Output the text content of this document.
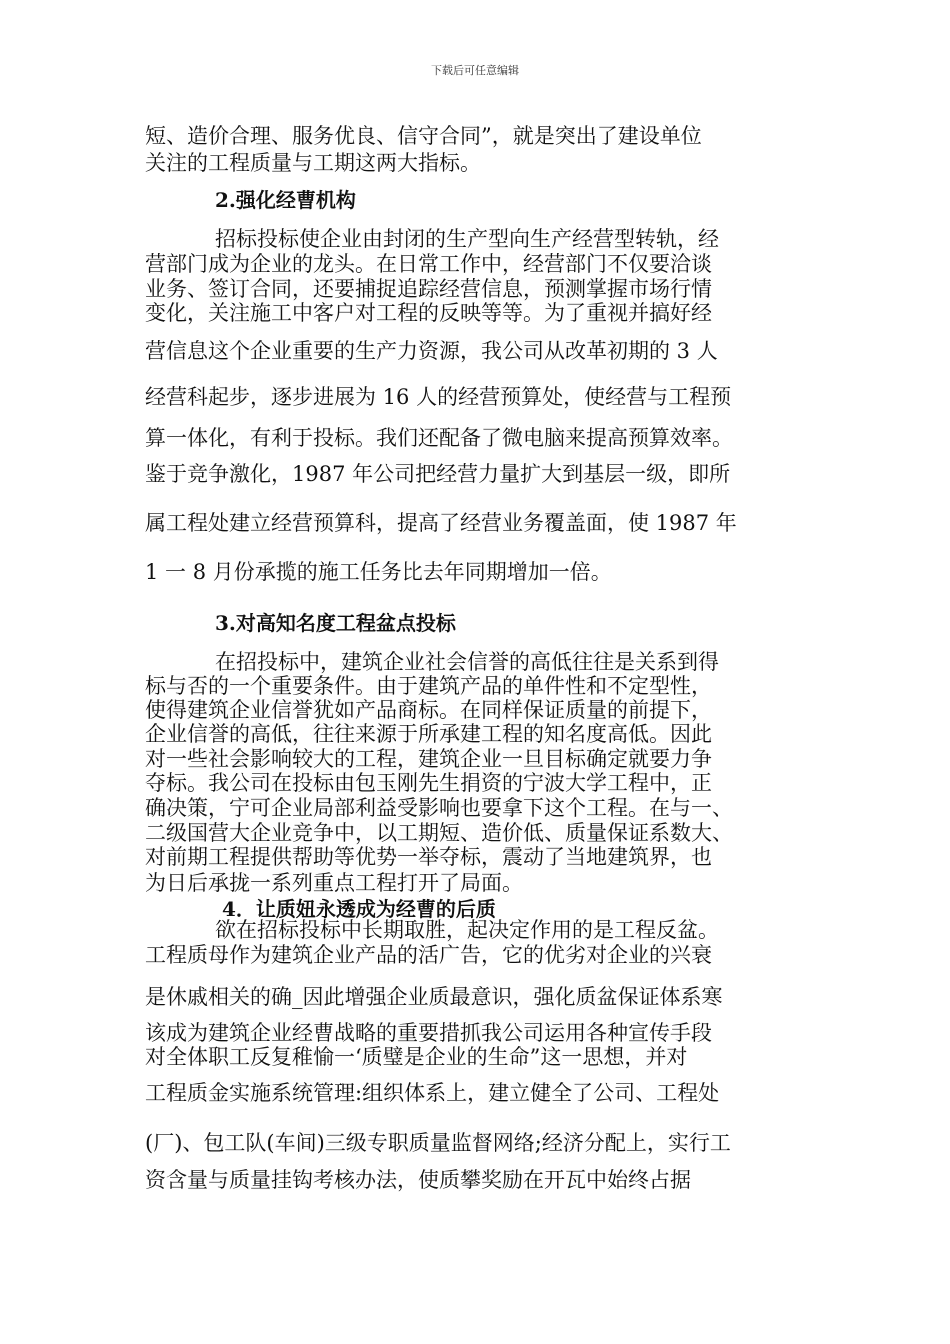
下载后可任意编辑
短、造价合理、服务优良、信守合同”，就是突出了建设单位
关注的工程质量与工期这两大指标。
2.强化经曹机构
招标投标使企业由封闭的生产型向生产经营型转轨，经
营部门成为企业的龙头。在日常工作中，经营部门不仅要洽谈
业务、签订合同，还要捕捉追踪经营信息，预测掌握市场行情
变化，关注施工中客户对工程的反映等等。为了重视并搞好经
营信息这个企业重要的生产力资源，我公司从改革初期的 3 人
经营科起步，逐步进展为 16 人的经营预算处，使经营与工程预
算一体化，有利于投标。我们还配备了微电脑来提高预算效率。
鉴于竞争激化，1987 年公司把经营力量扩大到基层一级，即所
属工程处建立经营预算科，提高了经营业务覆盖面，使 1987 年
1 一 8 月份承揽的施工任务比去年同期增加一倍。
3.对高知名度工程盆点投标
在招投标中，建筑企业社会信誉的高低往往是关系到得
标与否的一个重要条件。由于建筑产品的单件性和不定型性，
使得建筑企业信誉犹如产品商标。在同样保证质量的前提下，
企业信誉的高低，往往来源于所承建工程的知名度高低。因此
对一些社会影响较大的工程，建筑企业一旦目标确定就要力争
夺标。我公司在投标由包玉刚先生捐资的宁波大学工程中，正
确决策，宁可企业局部利益受影响也要拿下这个工程。在与一、
二级国营大企业竞争中，以工期短、造价低、质量保证系数大、
对前期工程提供帮助等优势一举夺标，震动了当地建筑界，也
为日后承拢一系列重点工程打开了局面。
4．让质妞永透成为经曹的后质
欲在招标投标中长期取胜，起决定作用的是工程反盆。
工程质母作为建筑企业产品的活广告，它的优劣对企业的兴衰
是休戚相关的确_因此增强企业质最意识，强化质盆保证体系寒
该成为建筑企业经曹战略的重要措抓我公司运用各种宣传手段
对全体职工反复稚愉一‘质璧是企业的生命”这一思想，并对
工程质金实施系统管理:组织体系上，建立健全了公司、工程处
(厂)、包工队(车间)三级专职质量监督网络;经济分配上，实行工
资含量与质量挂钩考核办法，使质攀奖励在开瓦中始终占据
